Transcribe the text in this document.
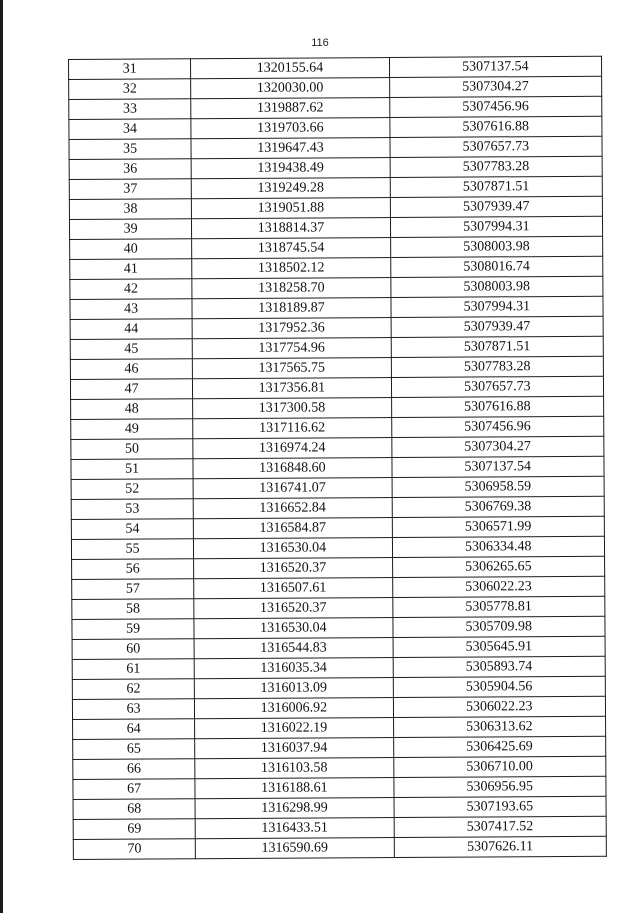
116
31	1320155.64	5307137.54
32	1320030.00	5307304.27
33	1319887.62	5307456.96
34	1319703.66	5307616.88
35	1319647.43	5307657.73
36	1319438.49	5307783.28
37	1319249.28	5307871.51
38	1319051.88	5307939.47
39	1318814.37	5307994.31
40	1318745.54	5308003.98
41	1318502.12	5308016.74
42	1318258.70	5308003.98
43	1318189.87	5307994.31
44	1317952.36	5307939.47
45	1317754.96	5307871.51
46	1317565.75	5307783.28
47	1317356.81	5307657.73
48	1317300.58	5307616.88
49	1317116.62	5307456.96
50	1316974.24	5307304.27
51	1316848.60	5307137.54
52	1316741.07	5306958.59
53	1316652.84	5306769.38
54	1316584.87	5306571.99
55	1316530.04	5306334.48
56	1316520.37	5306265.65
57	1316507.61	5306022.23
58	1316520.37	5305778.81
59	1316530.04	5305709.98
60	1316544.83	5305645.91
61	1316035.34	5305893.74
62	1316013.09	5305904.56
63	1316006.92	5306022.23
64	1316022.19	5306313.62
65	1316037.94	5306425.69
66	1316103.58	5306710.00
67	1316188.61	5306956.95
68	1316298.99	5307193.65
69	1316433.51	5307417.52
70	1316590.69	5307626.11
